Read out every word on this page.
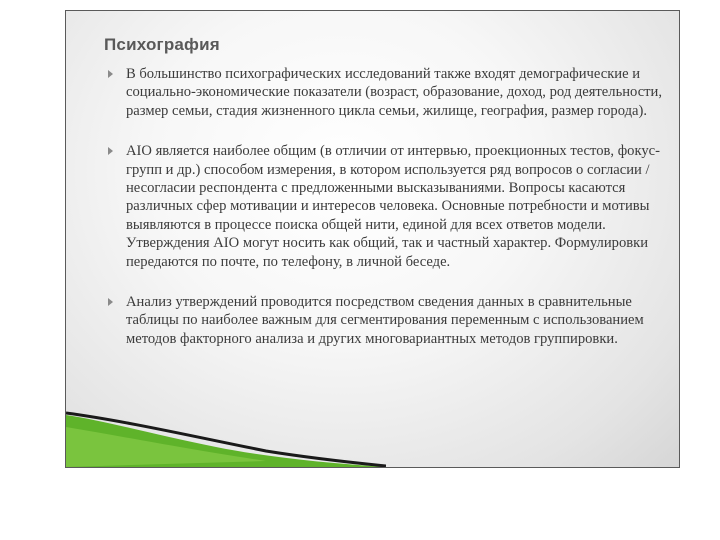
Психография
В большинство психографических исследований также входят демографические и социально-экономические показатели (возраст, образование, доход, род деятельности, размер семьи, стадия жизненного цикла семьи, жилище, география, размер города).
AIO является наиболее общим (в отличии от интервью, проекционных тестов, фокус-групп и др.) способом измерения, в котором используется ряд вопросов о согласии / несогласии респондента с предложенными высказываниями. Вопросы касаются различных сфер мотивации и интересов человека. Основные потребности и мотивы выявляются в процессе поиска общей нити, единой для всех ответов модели. Утверждения AIO могут носить как общий, так и частный характер. Формулировки передаются по почте, по телефону, в личной беседе.
Анализ утверждений проводится посредством сведения данных в сравнительные таблицы по наиболее важным для сегментирования переменным с использованием методов факторного анализа и других многовариантных методов группировки.
